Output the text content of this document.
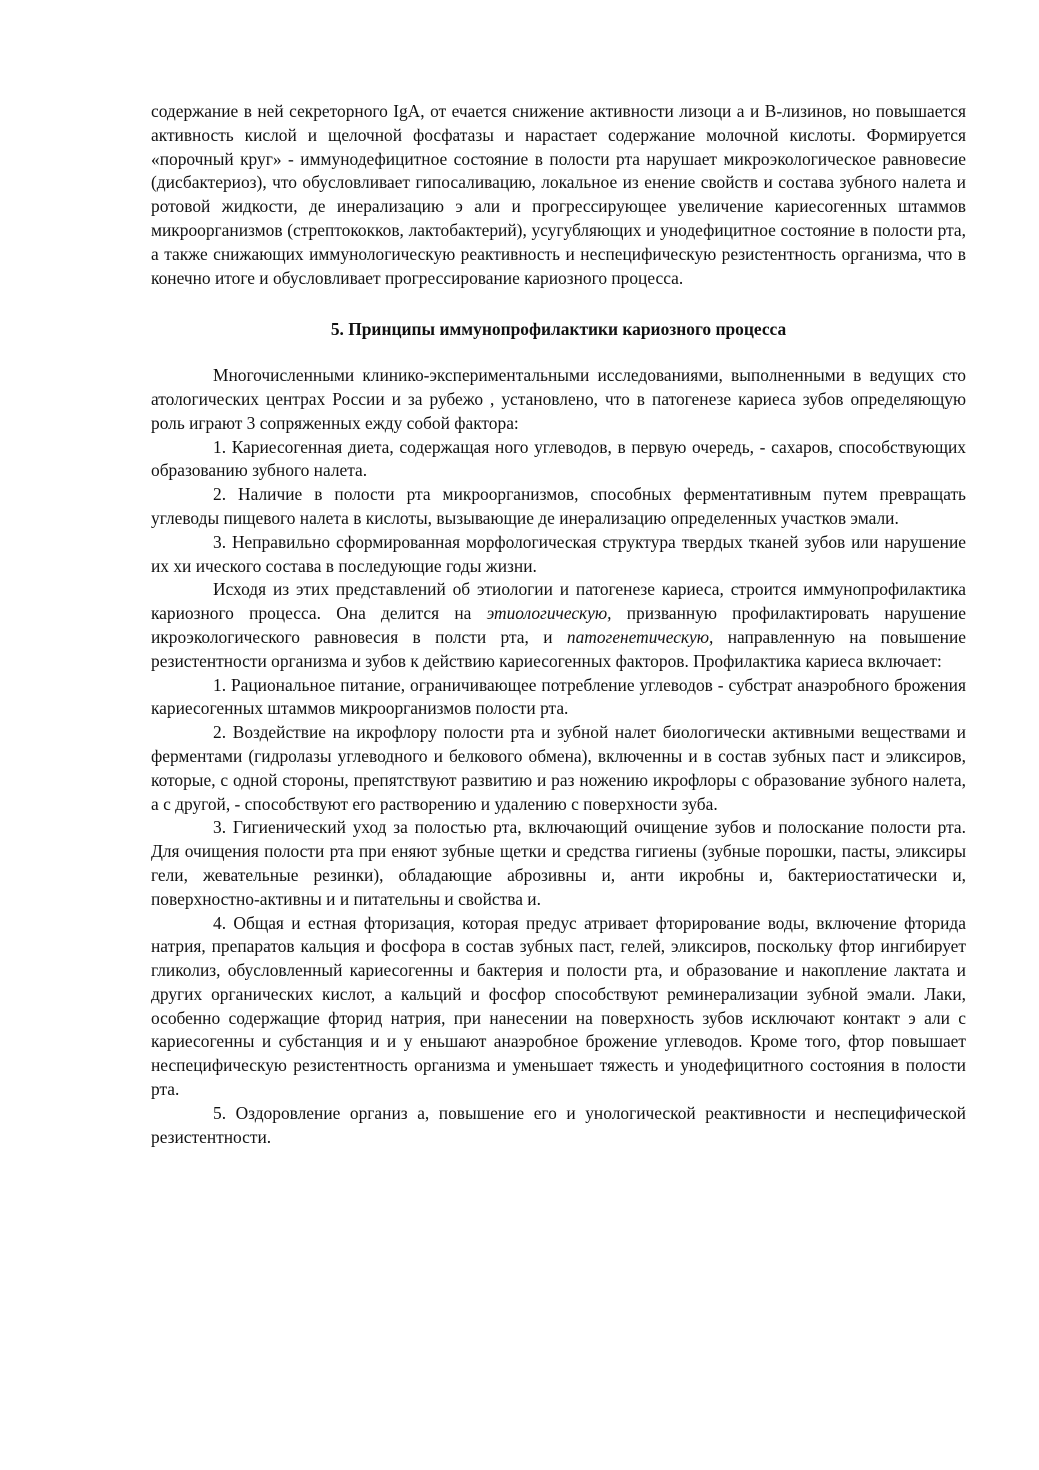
содержание в ней секреторного IgA, от ечается снижение активности лизоци а и В-лизинов, но повышается активность кислой и щелочной фосфатазы и нарастает содержание молочной кислоты. Формируется «порочный круг» - иммунодефицитное состояние в полости рта нарушает микроэкологическое равновесие (дисбактериоз), что обусловливает гипосаливацию, локальное из енение свойств и состава зубного налета и ротовой жидкости, де инерализацию э али и прогрессирующее увеличение кариесогенных штаммов микроорганизмов (стрептококков, лактобактерий), усугубляющих и унодефицитное состояние в полости рта, а также снижающих иммунологическую реактивность и неспецифическую резистентность организма, что в конечно итоге и обусловливает прогрессирование кариозного процесса.

5. Принципы иммунопрофилактики кариозного процесса

Многочисленными клинико-экспериментальными исследованиями, выполненными в ведущих сто атологических центрах России и за рубежо , установлено, что в патогенезе кариеса зубов определяющую роль играют 3 сопряженных ежду собой фактора:

1. Кариесогенная диета, содержащая ного углеводов, в первую очередь, - сахаров, способствующих образованию зубного налета.

2. Наличие в полости рта микроорганизмов, способных ферментативным путем превращать углеводы пищевого налета в кислоты, вызывающие де инерализацию определенных участков эмали.

3. Неправильно сформированная морфологическая структура твердых тканей зубов или нарушение их хи ического состава в последующие годы жизни.

Исходя из этих представлений об этиологии и патогенезе кариеса, строится иммунопрофилактика кариозного процесса. Она делится на этиологическую, призванную профилактировать нарушение икроэкологического равновесия в полсти рта, и патогенетическую, направленную на повышение резистентности организма и зубов к действию кариесогенных факторов. Профилактика кариеса включает:

1. Рациональное питание, ограничивающее потребление углеводов - субстрат анаэробного брожения кариесогенных штаммов микроорганизмов полости рта.

2. Воздействие на икрофлору полости рта и зубной налет биологически активными веществами и ферментами (гидролазы углеводного и белкового обмена), включенны и в состав зубных паст и эликсиров, которые, с одной стороны, препятствуют развитию и раз ножению икрофлоры с образование зубного налета, а с другой, - способствуют его растворению и удалению с поверхности зуба.

3. Гигиенический уход за полостью рта, включающий очищение зубов и полоскание полости рта. Для очищения полости рта при еняют зубные щетки и средства гигиены (зубные порошки, пасты, эликсиры гели, жевательные резинки), обладающие аброзивны и, анти икробны и, бактериостатически и, поверхностно-активны и и питательны и свойства и.

4. Общая и естная фторизация, которая предус атривает фторирование воды, включение фторида натрия, препаратов кальция и фосфора в состав зубных паст, гелей, эликсиров, поскольку фтор ингибирует гликолиз, обусловленный кариесогенны и бактерия и полости рта, и образование и накопление лактата и других органических кислот, а кальций и фосфор способствуют реминерализации зубной эмали. Лаки, особенно содержащие фторид натрия, при нанесении на поверхность зубов исключают контакт э али с кариесогенны и субстанция и и у еньшают анаэробное брожение углеводов. Кроме того, фтор повышает неспецифическую резистентность организма и уменьшает тяжесть и унодефицитного состояния в полости рта.

5. Оздоровление организ а, повышение его и унологической реактивности и неспецифической резистентности.
